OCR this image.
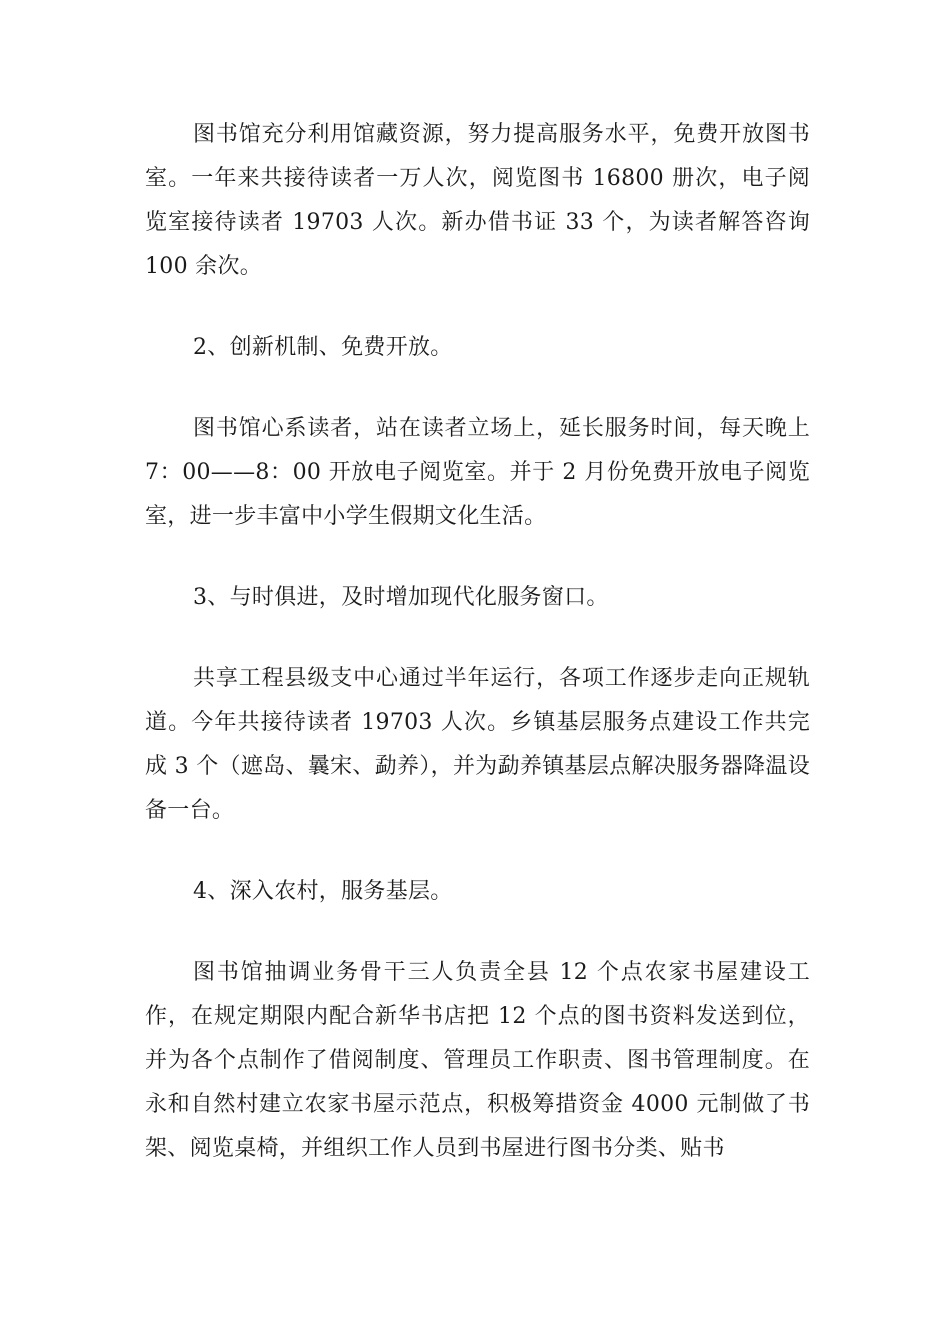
图书馆充分利用馆藏资源，努力提高服务水平，免费开放图书室。一年来共接待读者一万人次，阅览图书 16800 册次，电子阅览室接待读者 19703 人次。新办借书证 33 个，为读者解答咨询 100 余次。

2、创新机制、免费开放。

图书馆心系读者，站在读者立场上，延长服务时间，每天晚上 7：00——8：00 开放电子阅览室。并于 2 月份免费开放电子阅览室，进一步丰富中小学生假期文化生活。

3、与时俱进，及时增加现代化服务窗口。

共享工程县级支中心通过半年运行，各项工作逐步走向正规轨道。今年共接待读者 19703 人次。乡镇基层服务点建设工作共完成 3 个（遮岛、曩宋、勐养），并为勐养镇基层点解决服务器降温设备一台。

4、深入农村，服务基层。

图书馆抽调业务骨干三人负责全县 12 个点农家书屋建设工作，在规定期限内配合新华书店把 12 个点的图书资料发送到位，并为各个点制作了借阅制度、管理员工作职责、图书管理制度。在永和自然村建立农家书屋示范点，积极筹措资金 4000 元制做了书架、阅览桌椅，并组织工作人员到书屋进行图书分类、贴书
